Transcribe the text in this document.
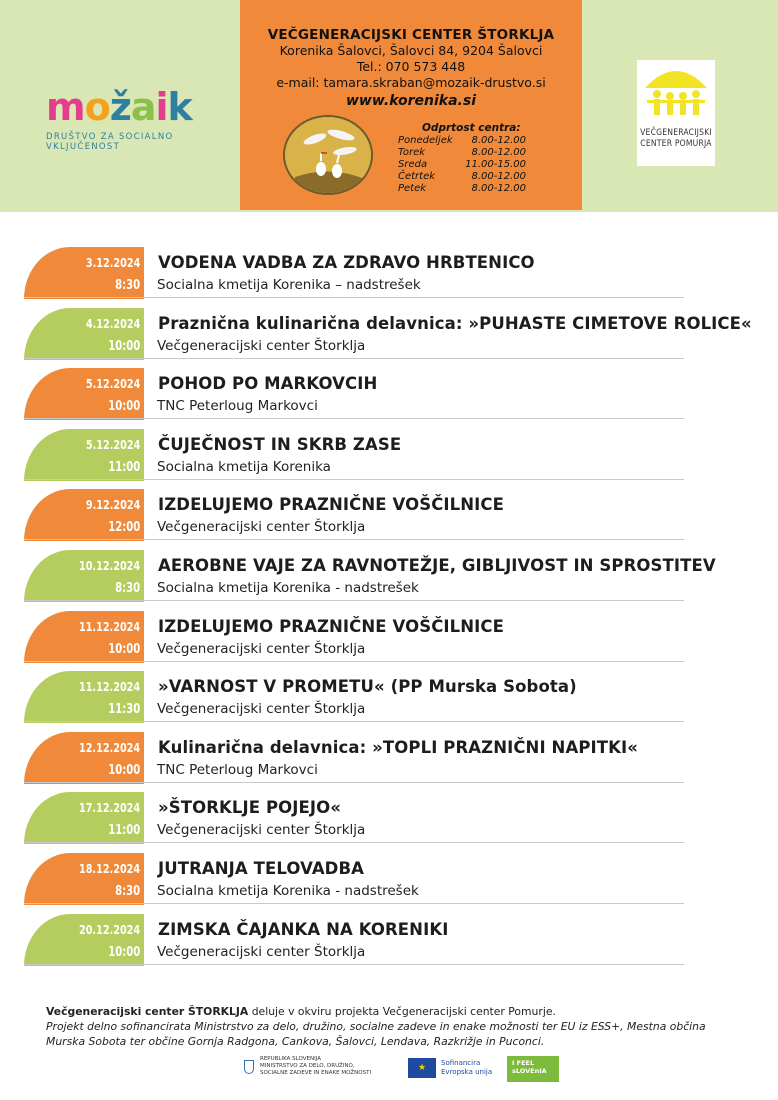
m o ž a i k
DRUŠTVO ZA SOCIALNO VKLJUČENOST
VEČGENERACIJSKI CENTER ŠTORKLJA
Korenika Šalovci, Šalovci 84, 9204 Šalovci
Tel.: 070 573 448
e-mail: tamara.skraban@mozaik-drustvo.si
www.korenika.si
Odprtost centra:
Ponedeljek	8.00-12.00
Torek	8.00-12.00
Sreda	11.00-15.00
Četrtek	8.00-12.00
Petek	8.00-12.00
VEČGENERACIJSKI
CENTER POMURJA
3.12.2024
8:30
VODENA VADBA ZA ZDRAVO HRBTENICO
Socialna kmetija Korenika – nadstrešek
4.12.2024
10:00
Praznična kulinarična delavnica: »PUHASTE CIMETOVE ROLICE«
Večgeneracijski center Štorklja
5.12.2024
10:00
POHOD PO MARKOVCIH
TNC Peterloug Markovci
5.12.2024
11:00
ČUJEČNOST IN SKRB ZASE
Socialna kmetija Korenika
9.12.2024
12:00
IZDELUJEMO PRAZNIČNE VOŠČILNICE
Večgeneracijski center Štorklja
10.12.2024
8:30
AEROBNE VAJE ZA RAVNOTEŽJE, GIBLJIVOST IN SPROSTITEV
Socialna kmetija Korenika - nadstrešek
11.12.2024
10:00
IZDELUJEMO PRAZNIČNE VOŠČILNICE
Večgeneracijski center Štorklja
11.12.2024
11:30
»VARNOST V PROMETU« (PP Murska Sobota)
Večgeneracijski center Štorklja
12.12.2024
10:00
Kulinarična delavnica: »TOPLI PRAZNIČNI NAPITKI«
TNC Peterloug Markovci
17.12.2024
11:00
»ŠTORKLJE POJEJO«
Večgeneracijski center Štorklja
18.12.2024
8:30
JUTRANJA TELOVADBA
Socialna kmetija Korenika - nadstrešek
20.12.2024
10:00
ZIMSKA ČAJANKA NA KORENIKI
Večgeneracijski center Štorklja
Večgeneracijski center ŠTORKLJA deluje v okviru projekta Večgeneracijski center Pomurje.
Projekt delno sofinancirata Ministrstvo za delo, družino, socialne zadeve in enake možnosti ter EU iz ESS+, Mestna občina Murska Sobota ter občine Gornja Radgona, Cankova, Šalovci, Lendava, Razkrižje in Puconci.
REPUBLIKA SLOVENIJA
MINISTRSTVO ZA DELO, DRUŽINO,
SOCIALNE ZADEVE IN ENAKE MOŽNOSTI	★	Sofinancira
Evropska unija
I FEEL
sLOVEnIA
